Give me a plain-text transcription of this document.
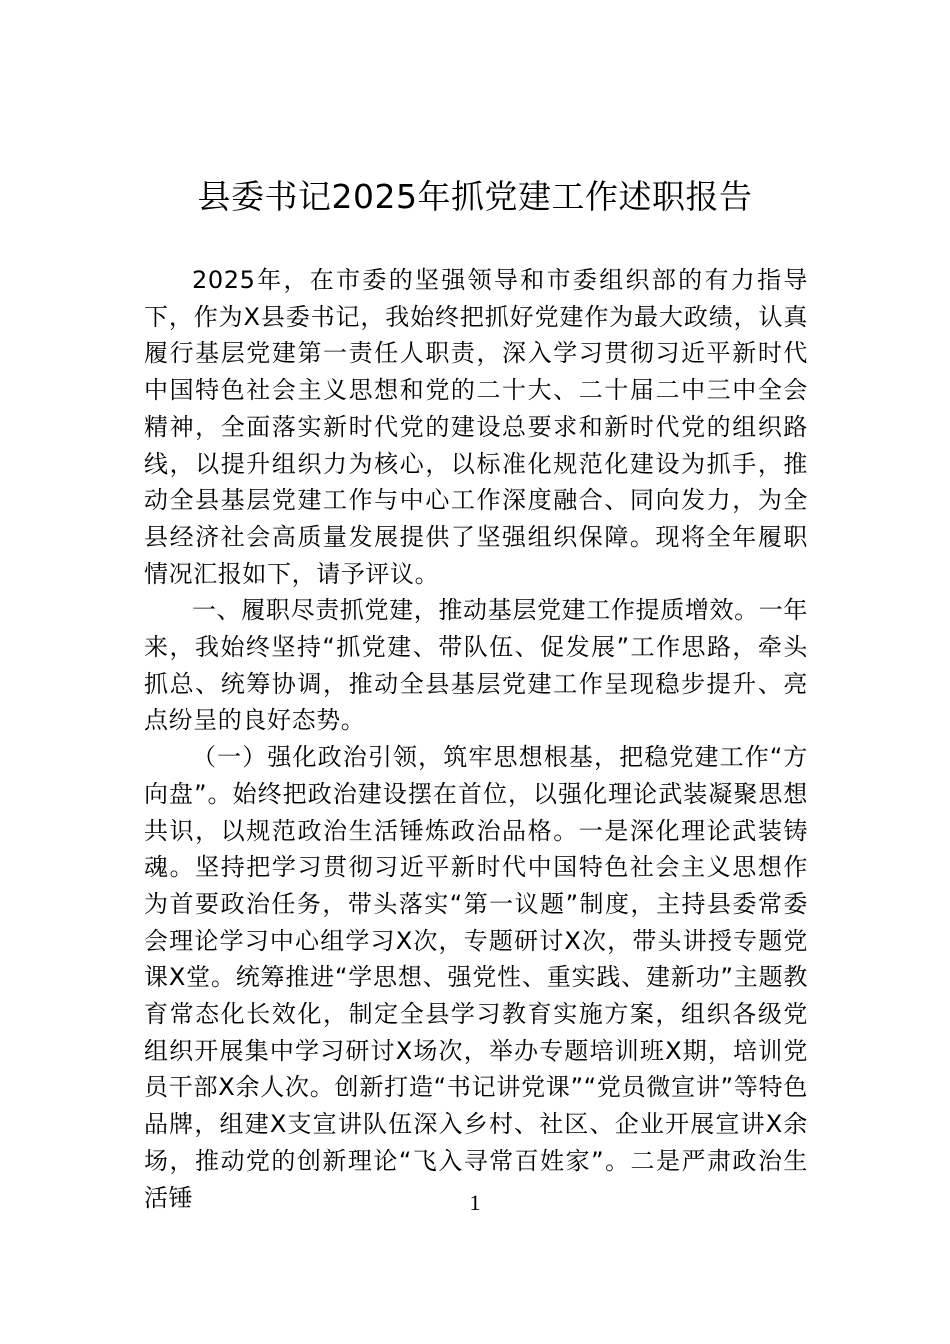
县委书记2025年抓党建工作述职报告

2025年，在市委的坚强领导和市委组织部的有力指导下，作为X县委书记，我始终把抓好党建作为最大政绩，认真履行基层党建第一责任人职责，深入学习贯彻习近平新时代中国特色社会主义思想和党的二十大、二十届二中三中全会精神，全面落实新时代党的建设总要求和新时代党的组织路线，以提升组织力为核心，以标准化规范化建设为抓手，推动全县基层党建工作与中心工作深度融合、同向发力，为全县经济社会高质量发展提供了坚强组织保障。现将全年履职情况汇报如下，请予评议。

一、履职尽责抓党建，推动基层党建工作提质增效。一年来，我始终坚持“抓党建、带队伍、促发展”工作思路，牵头抓总、统筹协调，推动全县基层党建工作呈现稳步提升、亮点纷呈的良好态势。

（一）强化政治引领，筑牢思想根基，把稳党建工作“方向盘”。始终把政治建设摆在首位，以强化理论武装凝聚思想共识，以规范政治生活锤炼政治品格。一是深化理论武装铸魂。坚持把学习贯彻习近平新时代中国特色社会主义思想作为首要政治任务，带头落实“第一议题”制度，主持县委常委会理论学习中心组学习X次，专题研讨X次，带头讲授专题党课X堂。统筹推进“学思想、强党性、重实践、建新功”主题教育常态化长效化，制定全县学习教育实施方案，组织各级党组织开展集中学习研讨X场次，举办专题培训班X期，培训党员干部X余人次。创新打造“书记讲党课”“党员微宣讲”等特色品牌，组建X支宣讲队伍深入乡村、社区、企业开展宣讲X余场，推动党的创新理论“飞入寻常百姓家”。二是严肃政治生活锤	1
